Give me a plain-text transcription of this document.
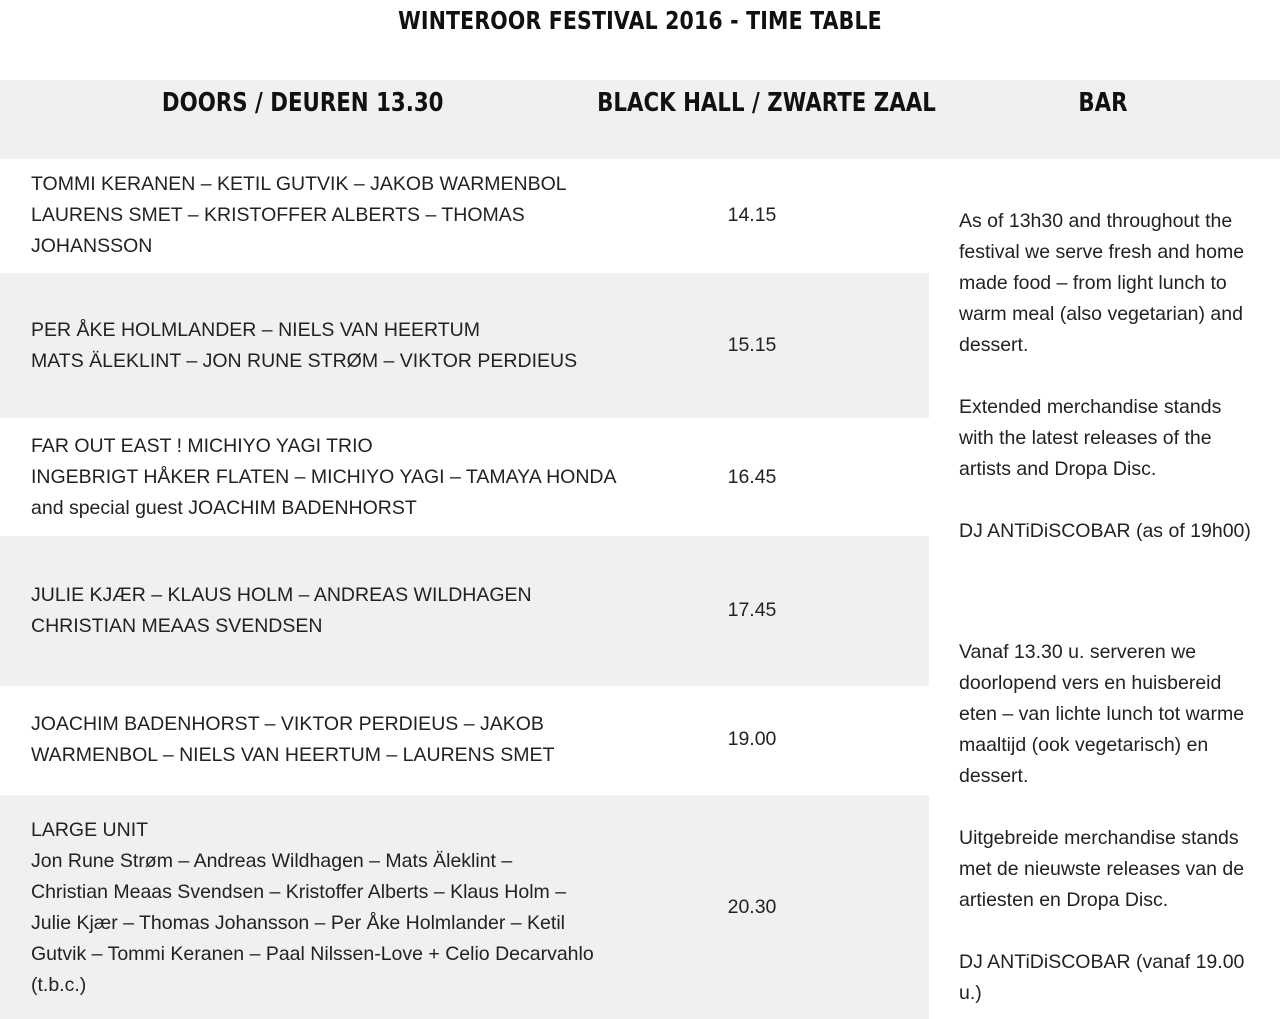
WINTEROOR FESTIVAL 2016 - TIME TABLE
DOORS / DEUREN 13.30	BLACK HALL / ZWARTE ZAAL	BAR
TOMMI KERANEN – KETIL GUTVIK – JAKOB WARMENBOL
LAURENS SMET – KRISTOFFER ALBERTS – THOMAS
JOHANSSON
14.15
PER ÅKE HOLMLANDER – NIELS VAN HEERTUM
MATS ÄLEKLINT – JON RUNE STRØM – VIKTOR PERDIEUS
15.15
FAR OUT EAST ! MICHIYO YAGI TRIO
INGEBRIGT HÅKER FLATEN – MICHIYO YAGI – TAMAYA HONDA
and special guest JOACHIM BADENHORST
16.45
JULIE KJÆR – KLAUS HOLM – ANDREAS WILDHAGEN
CHRISTIAN MEAAS SVENDSEN
17.45
JOACHIM BADENHORST – VIKTOR PERDIEUS – JAKOB
WARMENBOL – NIELS VAN HEERTUM – LAURENS SMET
19.00
LARGE UNIT
Jon Rune Strøm – Andreas Wildhagen – Mats Äleklint –
Christian Meaas Svendsen – Kristoffer Alberts – Klaus Holm –
Julie Kjær – Thomas Johansson – Per Åke Holmlander – Ketil
Gutvik – Tommi Keranen – Paal Nilssen-Love + Celio Decarvahlo
(t.b.c.)
20.30

As of 13h30 and throughout the festival we serve fresh and home made food – from light lunch to warm meal (also vegetarian) and dessert.

Extended merchandise stands with the latest releases of the artists and Dropa Disc.

DJ ANTiDiSCOBAR (as of 19h00)

Vanaf 13.30 u. serveren we doorlopend vers en huisbereid eten – van lichte lunch tot warme maaltijd (ook vegetarisch) en dessert.

Uitgebreide merchandise stands met de nieuwste releases van de artiesten en Dropa Disc.

DJ ANTiDiSCOBAR (vanaf 19.00 u.)
